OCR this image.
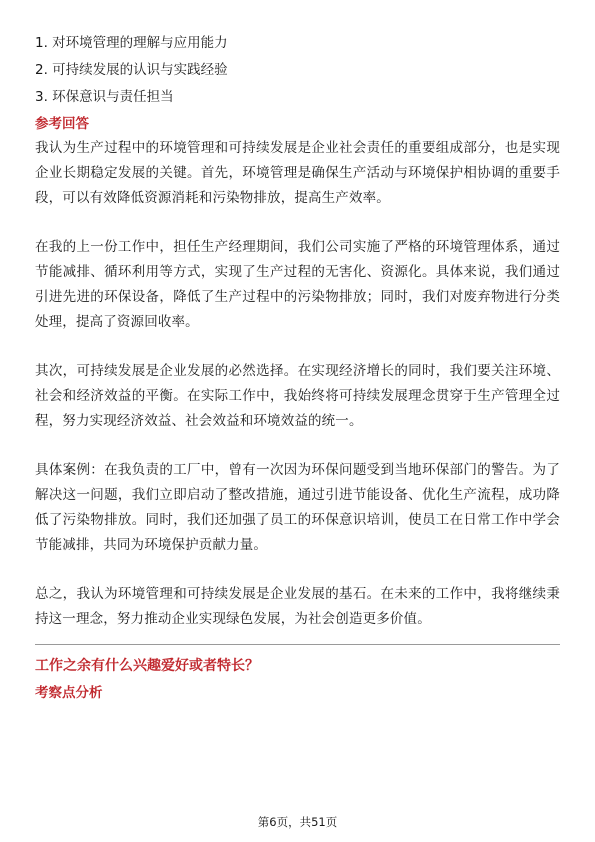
1. 对环境管理的理解与应用能力

2. 可持续发展的认识与实践经验

3. 环保意识与责任担当

参考回答

我认为生产过程中的环境管理和可持续发展是企业社会责任的重要组成部分，也是实现企业长期稳定发展的关键。首先，环境管理是确保生产活动与环境保护相协调的重要手段，可以有效降低资源消耗和污染物排放，提高生产效率。

在我的上一份工作中，担任生产经理期间，我们公司实施了严格的环境管理体系，通过节能减排、循环利用等方式，实现了生产过程的无害化、资源化。具体来说，我们通过引进先进的环保设备，降低了生产过程中的污染物排放；同时，我们对废弃物进行分类处理，提高了资源回收率。

其次，可持续发展是企业发展的必然选择。在实现经济增长的同时，我们要关注环境、社会和经济效益的平衡。在实际工作中，我始终将可持续发展理念贯穿于生产管理全过程，努力实现经济效益、社会效益和环境效益的统一。

具体案例：在我负责的工厂中，曾有一次因为环保问题受到当地环保部门的警告。为了解决这一问题，我们立即启动了整改措施，通过引进节能设备、优化生产流程，成功降低了污染物排放。同时，我们还加强了员工的环保意识培训，使员工在日常工作中学会节能减排，共同为环境保护贡献力量。

总之，我认为环境管理和可持续发展是企业发展的基石。在未来的工作中，我将继续秉持这一理念，努力推动企业实现绿色发展，为社会创造更多价值。

工作之余有什么兴趣爱好或者特长？

考察点分析

第6页，共51页
